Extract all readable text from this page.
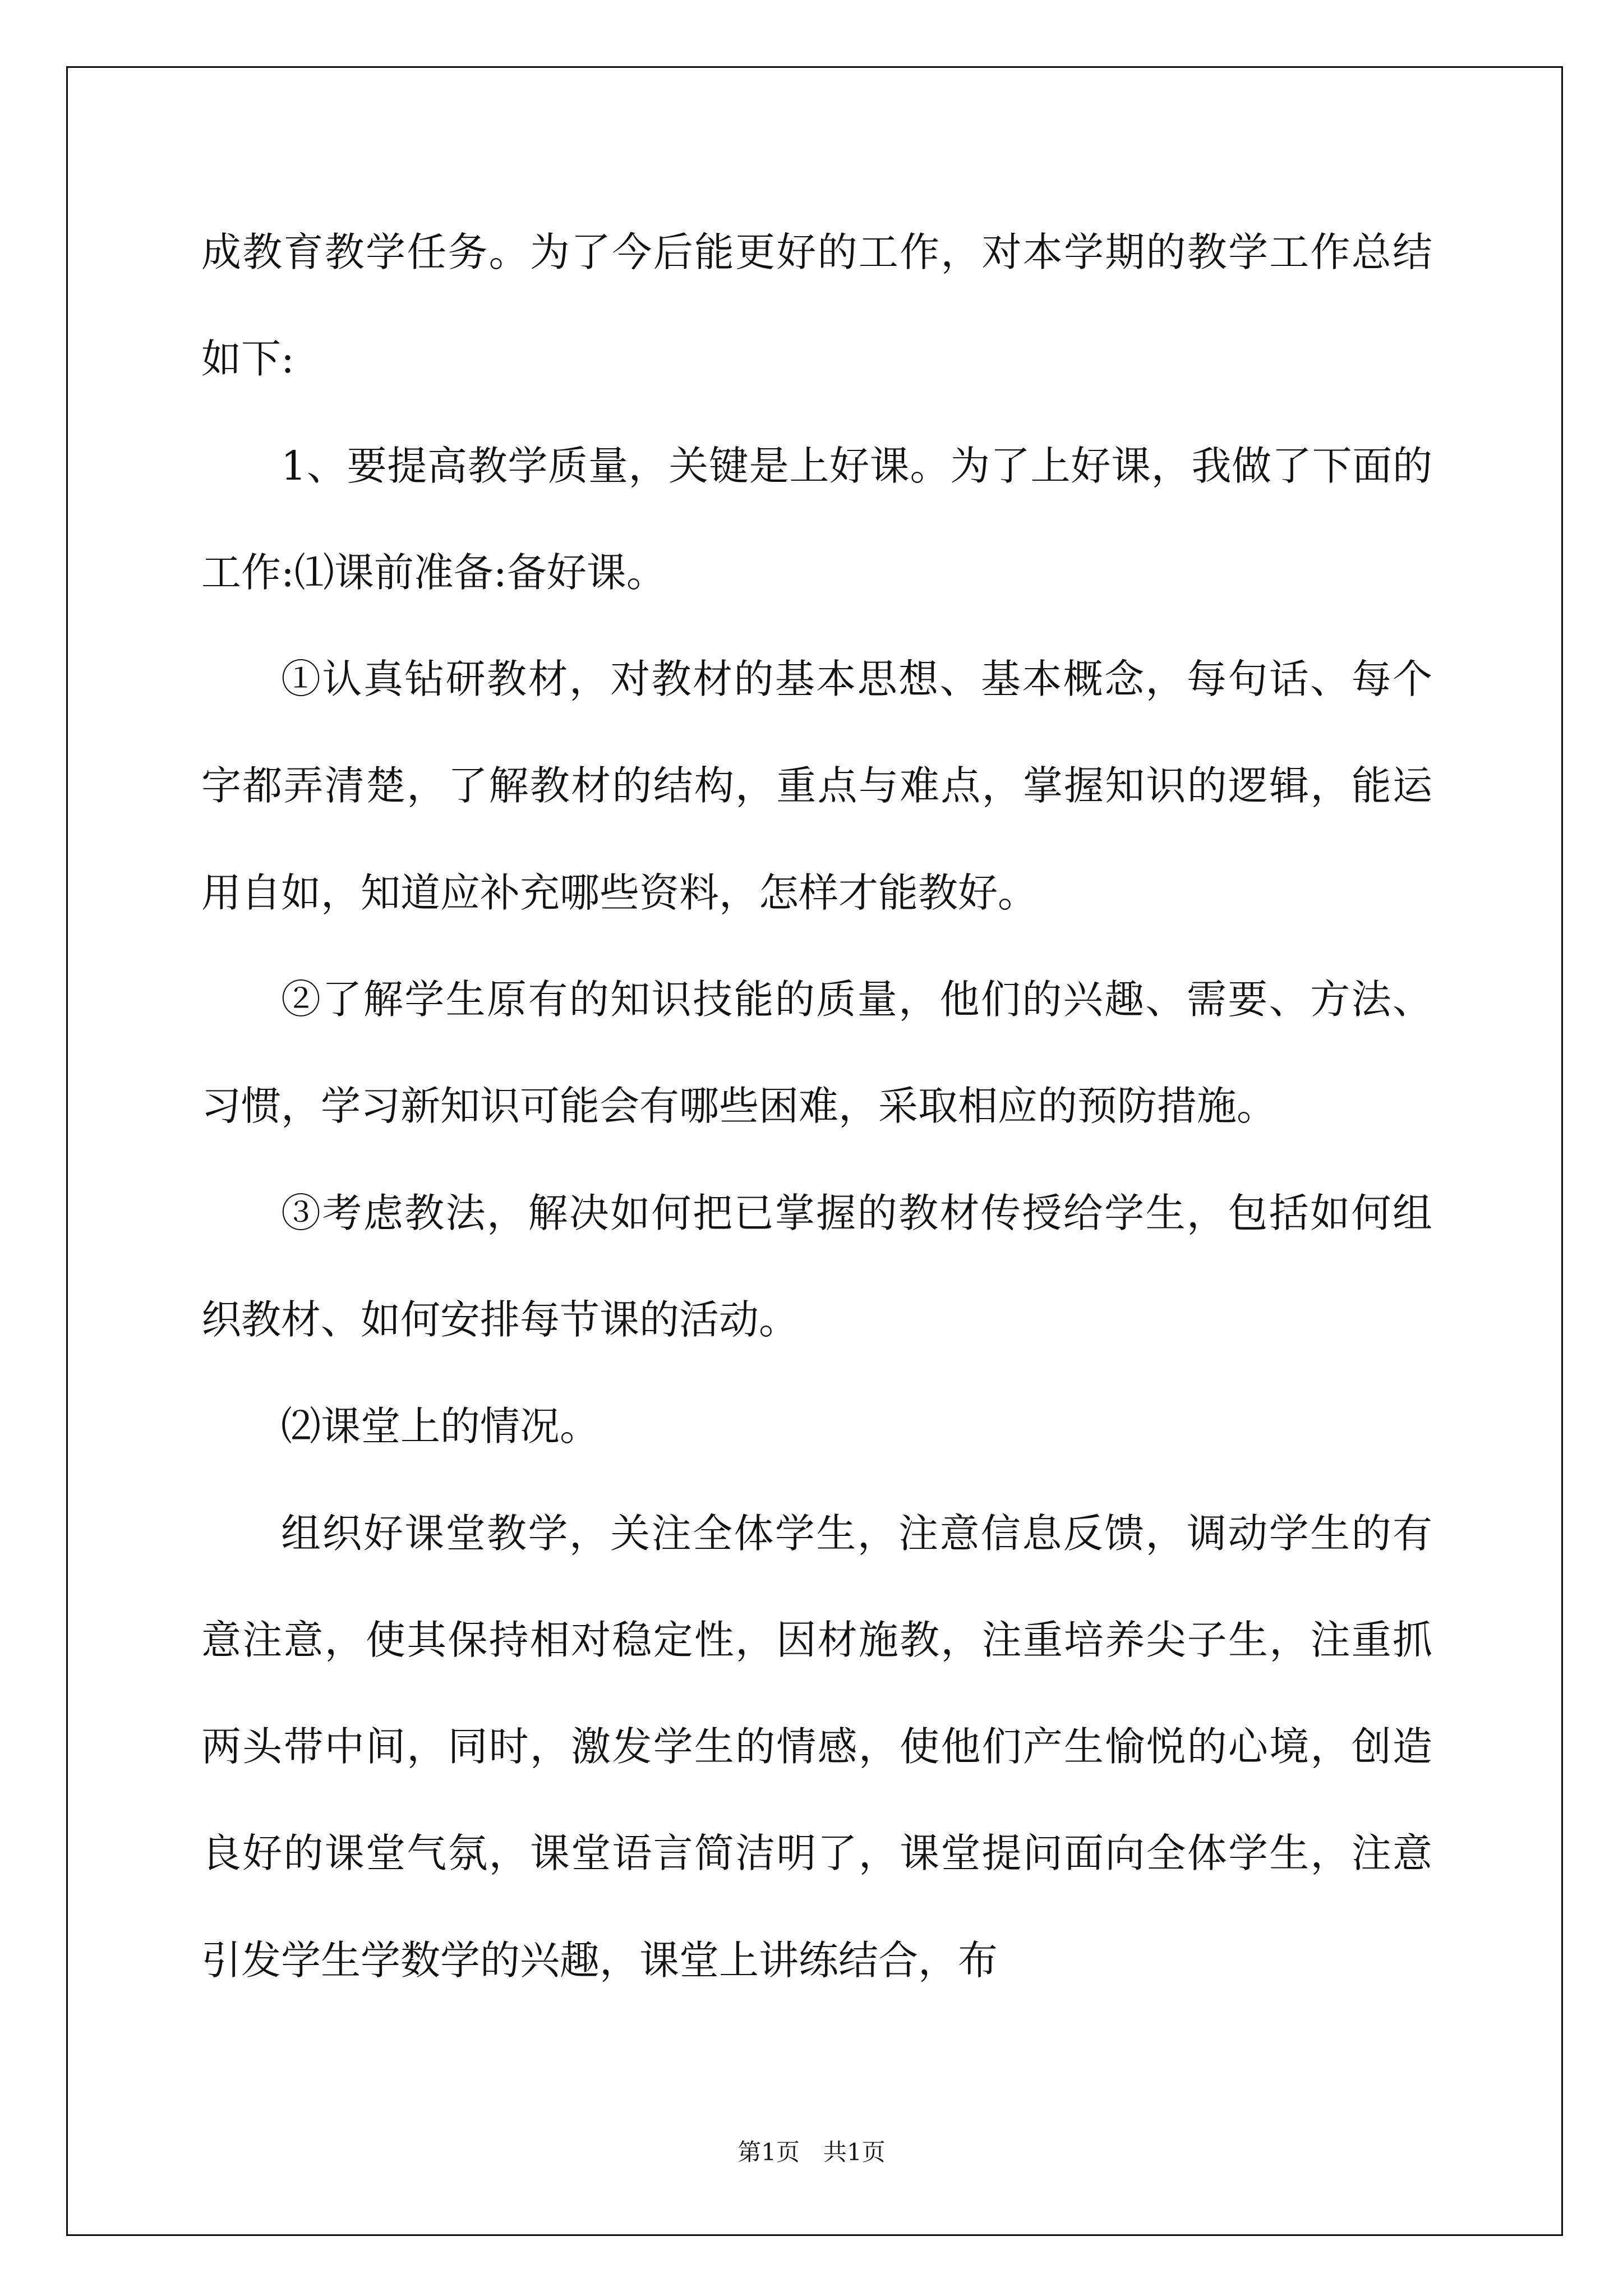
成教育教学任务。为了今后能更好的工作，对本学期的教学工作总结
如下:
1、要提高教学质量，关键是上好课。为了上好课，我做了下面的
工作:⑴课前准备:备好课。
①认真钻研教材，对教材的基本思想、基本概念，每句话、每个
字都弄清楚，了解教材的结构，重点与难点，掌握知识的逻辑，能运
用自如，知道应补充哪些资料，怎样才能教好。
②了解学生原有的知识技能的质量，他们的兴趣、需要、方法、
习惯，学习新知识可能会有哪些困难，采取相应的预防措施。
③考虑教法，解决如何把已掌握的教材传授给学生，包括如何组
织教材、如何安排每节课的活动。
⑵课堂上的情况。
组织好课堂教学，关注全体学生，注意信息反馈，调动学生的有
意注意，使其保持相对稳定性，因材施教，注重培养尖子生，注重抓
两头带中间，同时，激发学生的情感，使他们产生愉悦的心境，创造
良好的课堂气氛，课堂语言简洁明了，课堂提问面向全体学生，注意
引发学生学数学的兴趣，课堂上讲练结合，布
第1页 共1页
